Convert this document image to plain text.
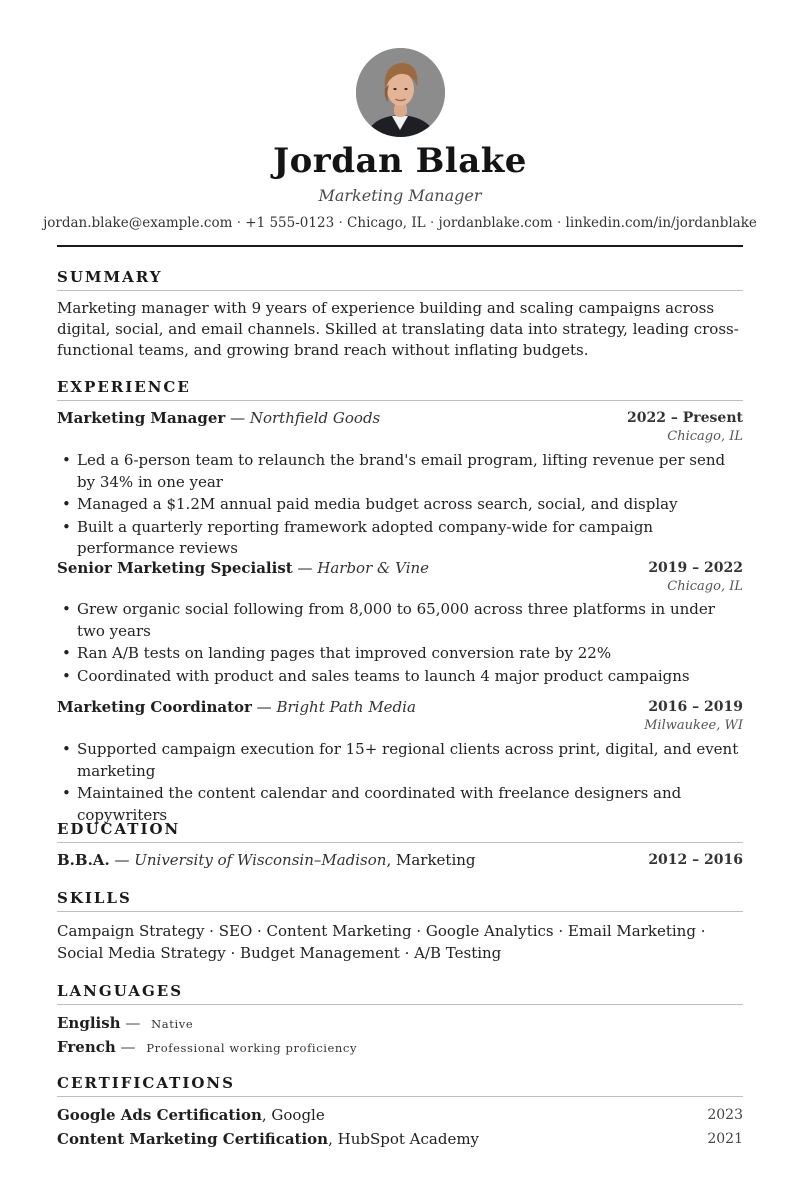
Jordan Blake
Marketing Manager
jordan.blake@example.com · +1 555-0123 · Chicago, IL · jordanblake.com · linkedin.com/in/jordanblake
SUMMARY
Marketing manager with 9 years of experience building and scaling campaigns across digital, social, and email channels. Skilled at translating data into strategy, leading cross-functional teams, and growing brand reach without inflating budgets.
EXPERIENCE
Marketing Manager — Northfield Goods	2022 – Present
Chicago, IL
• Led a 6-person team to relaunch the brand's email program, lifting revenue per send by 34% in one year
• Managed a $1.2M annual paid media budget across search, social, and display
• Built a quarterly reporting framework adopted company-wide for campaign performance reviews
Senior Marketing Specialist — Harbor & Vine	2019 – 2022
Chicago, IL
• Grew organic social following from 8,000 to 65,000 across three platforms in under two years
• Ran A/B tests on landing pages that improved conversion rate by 22%
• Coordinated with product and sales teams to launch 4 major product campaigns
Marketing Coordinator — Bright Path Media	2016 – 2019
Milwaukee, WI
• Supported campaign execution for 15+ regional clients across print, digital, and event marketing
• Maintained the content calendar and coordinated with freelance designers and copywriters
EDUCATION
B.B.A. — University of Wisconsin–Madison, Marketing	2012 – 2016
SKILLS
Campaign Strategy · SEO · Content Marketing · Google Analytics · Email Marketing · Social Media Strategy · Budget Management · A/B Testing
LANGUAGES
English — Native
French — Professional working proficiency
CERTIFICATIONS
Google Ads Certification, Google	2023
Content Marketing Certification, HubSpot Academy	2021
